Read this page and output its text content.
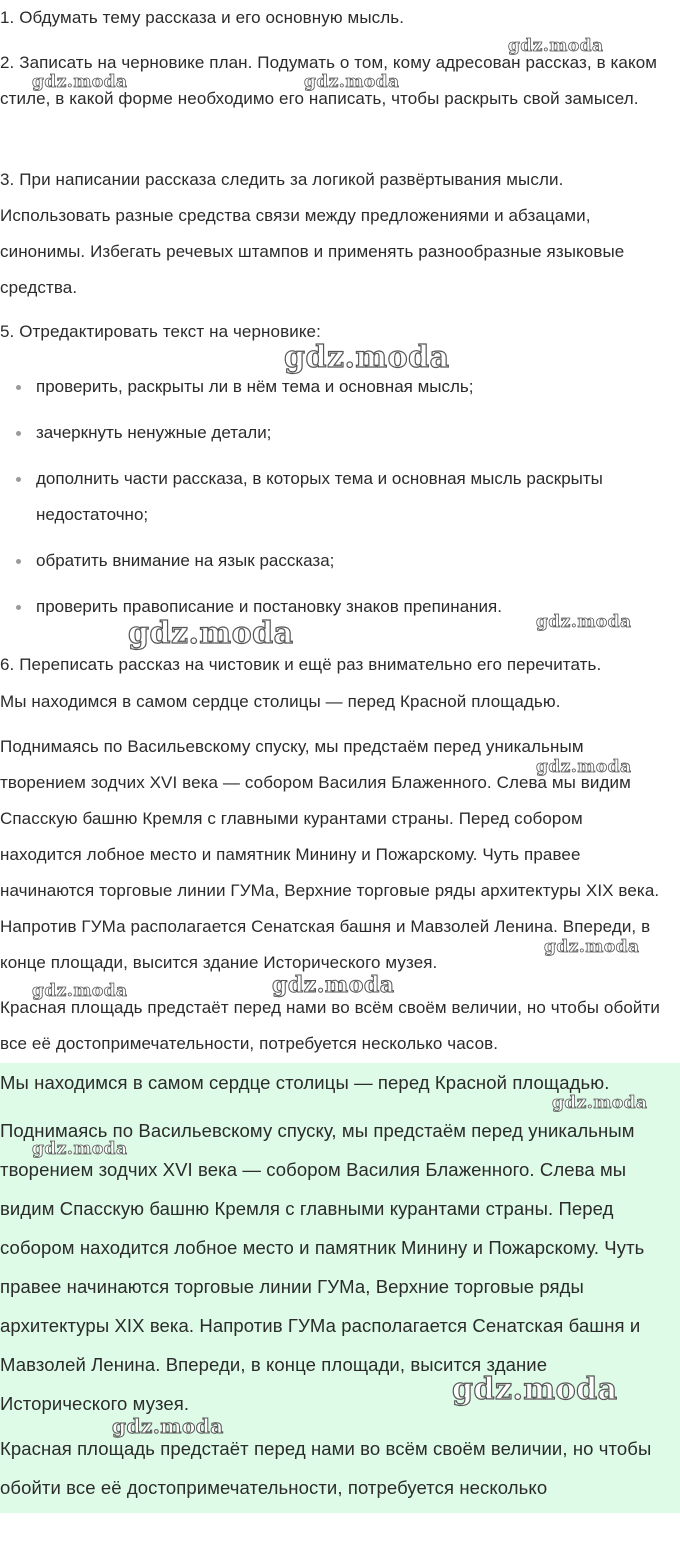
1. Обдумать тему рассказа и его основную мысль.

2. Записать на черновике план. Подумать о том, кому адресован рассказ, в каком стиле, в какой форме необходимо его написать, чтобы раскрыть свой замысел.

3. При написании рассказа следить за логикой развёртывания мысли. Использовать разные средства связи между предложениями и абзацами, синонимы. Избегать речевых штампов и применять разнообразные языковые средства.

5. Отредактировать текст на черновике:

проверить, раскрыты ли в нём тема и основная мысль;
зачеркнуть ненужные детали;
дополнить части рассказа, в которых тема и основная мысль раскрыты недостаточно;
обратить внимание на язык рассказа;
проверить правописание и постановку знаков препинания.

6. Переписать рассказ на чистовик и ещё раз внимательно его перечитать.

Мы находимся в самом сердце столицы — перед Красной площадью.

Поднимаясь по Васильевскому спуску, мы предстаём перед уникальным творением зодчих XVI века — собором Василия Блаженного. Слева мы видим Спасскую башню Кремля с главными курантами страны. Перед собором находится лобное место и памятник Минину и Пожарскому. Чуть правее начинаются торговые линии ГУМа, Верхние торговые ряды архитектуры XIX века. Напротив ГУМа располагается Сенатская башня и Мавзолей Ленина. Впереди, в конце площади, высится здание Исторического музея.

Красная площадь предстаёт перед нами во всём своём величии, но чтобы обойти все её достопримечательности, потребуется несколько часов.

Мы находимся в самом сердце столицы — перед Красной площадью.

Поднимаясь по Васильевскому спуску, мы предстаём перед уникальным творением зодчих XVI века — собором Василия Блаженного. Слева мы видим Спасскую башню Кремля с главными курантами страны. Перед собором находится лобное место и памятник Минину и Пожарскому. Чуть правее начинаются торговые линии ГУМа, Верхние торговые ряды архитектуры XIX века. Напротив ГУМа располагается Сенатская башня и Мавзолей Ленина. Впереди, в конце площади, высится здание Исторического музея.

Красная площадь предстаёт перед нами во всём своём величии, но чтобы обойти все её достопримечательности, потребуется несколько

gdz.moda
gdz.moda	gdz.moda
gdz.moda
gdz.moda
gdz.moda
gdz.moda
gdz.moda
gdz.moda	gdz.moda
gdz.moda
gdz.moda
gdz.moda
gdz.moda
